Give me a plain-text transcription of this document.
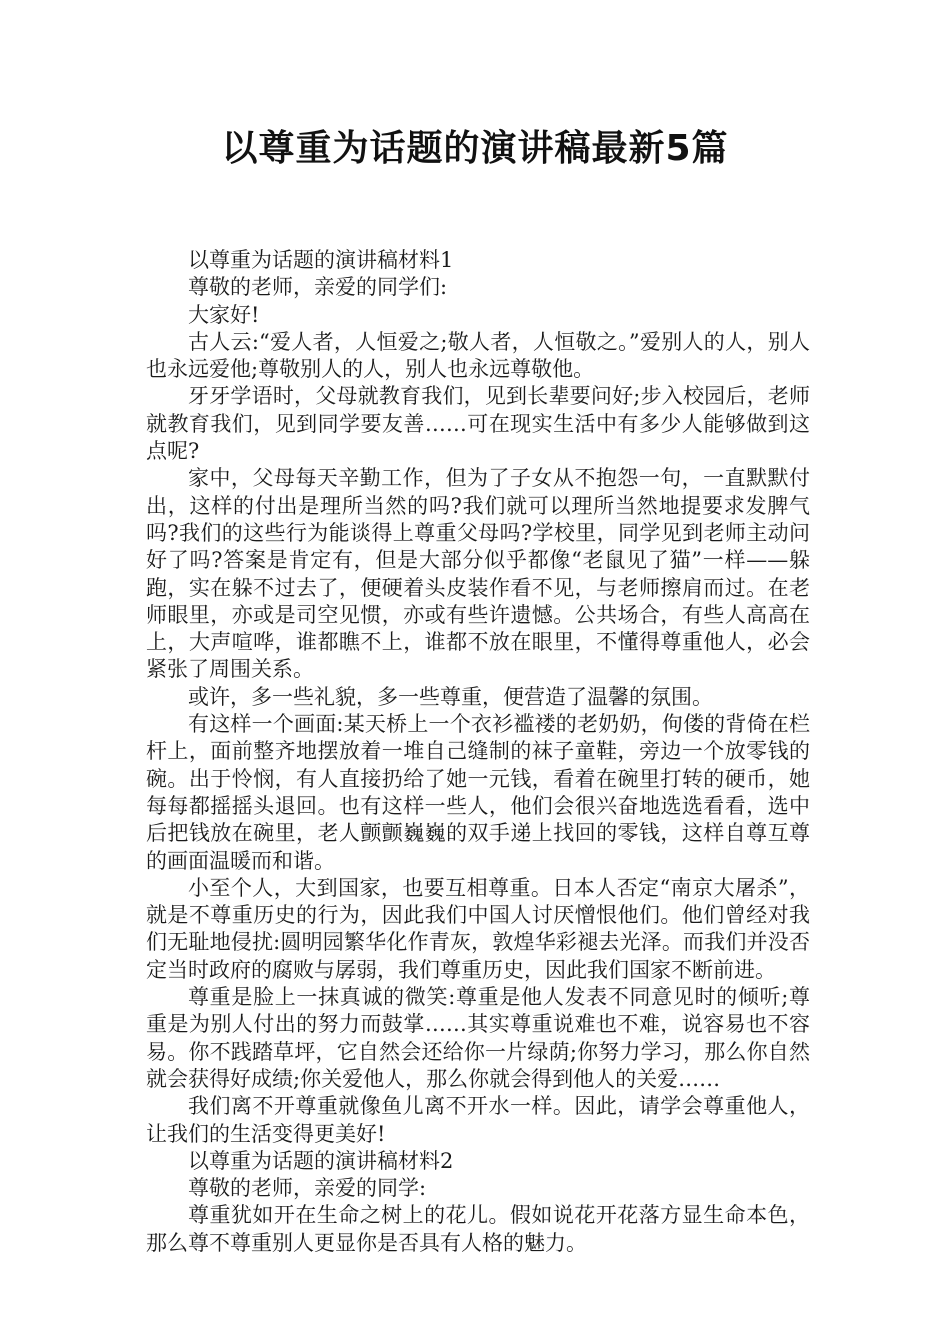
以尊重为话题的演讲稿最新5篇

以尊重为话题的演讲稿材料1

尊敬的老师，亲爱的同学们:

大家好!

古人云:“爱人者，人恒爱之;敬人者，人恒敬之。”爱别人的人，别人也永远爱他;尊敬别人的人，别人也永远尊敬他。

牙牙学语时，父母就教育我们，见到长辈要问好;步入校园后，老师就教育我们，见到同学要友善……可在现实生活中有多少人能够做到这点呢?

家中，父母每天辛勤工作，但为了子女从不抱怨一句，一直默默付出，这样的付出是理所当然的吗?我们就可以理所当然地提要求发脾气吗?我们的这些行为能谈得上尊重父母吗?学校里，同学见到老师主动问好了吗?答案是肯定有，但是大部分似乎都像“老鼠见了猫”一样——躲跑，实在躲不过去了，便硬着头皮装作看不见，与老师擦肩而过。在老师眼里，亦或是司空见惯，亦或有些许遗憾。公共场合，有些人高高在上，大声喧哗，谁都瞧不上，谁都不放在眼里，不懂得尊重他人，必会紧张了周围关系。

或许，多一些礼貌，多一些尊重，便营造了温馨的氛围。

有这样一个画面:某天桥上一个衣衫褴褛的老奶奶，佝偻的背倚在栏杆上，面前整齐地摆放着一堆自己缝制的袜子童鞋，旁边一个放零钱的碗。出于怜悯，有人直接扔给了她一元钱，看着在碗里打转的硬币，她每每都摇摇头退回。也有这样一些人，他们会很兴奋地选选看看，选中后把钱放在碗里，老人颤颤巍巍的双手递上找回的零钱，这样自尊互尊的画面温暖而和谐。

小至个人，大到国家，也要互相尊重。日本人否定“南京大屠杀”，就是不尊重历史的行为，因此我们中国人讨厌憎恨他们。他们曾经对我们无耻地侵扰:圆明园繁华化作青灰，敦煌华彩褪去光泽。而我们并没否定当时政府的腐败与孱弱，我们尊重历史，因此我们国家不断前进。

尊重是脸上一抹真诚的微笑:尊重是他人发表不同意见时的倾听;尊重是为别人付出的努力而鼓掌……其实尊重说难也不难，说容易也不容易。你不践踏草坪，它自然会还给你一片绿荫;你努力学习，那么你自然就会获得好成绩;你关爱他人，那么你就会得到他人的关爱……

我们离不开尊重就像鱼儿离不开水一样。因此，请学会尊重他人，让我们的生活变得更美好!

以尊重为话题的演讲稿材料2

尊敬的老师，亲爱的同学:

尊重犹如开在生命之树上的花儿。假如说花开花落方显生命本色，那么尊不尊重别人更显你是否具有人格的魅力。
